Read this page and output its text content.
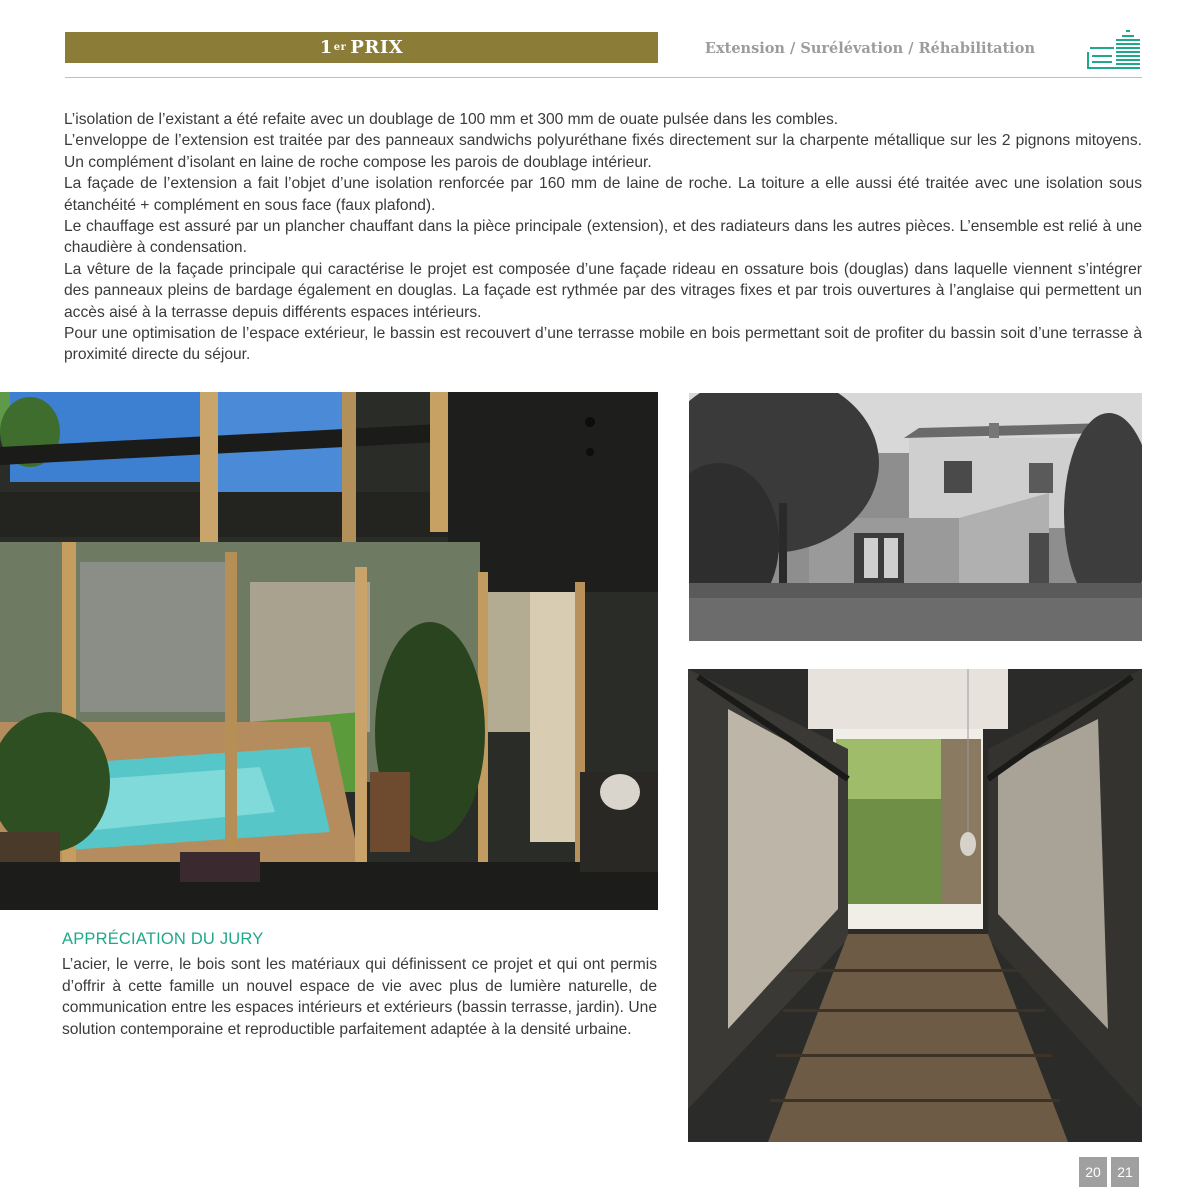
1 er PRIX	Extension / Surélévation / Réhabilitation

L’isolation de l’existant a été refaite avec un doublage de 100 mm et 300 mm de ouate pulsée dans les combles.

L’enveloppe de l’extension est traitée par des panneaux sandwichs polyuréthane fixés directement sur la charpente métallique sur les 2 pignons mitoyens. Un complément d’isolant en laine de roche compose les parois de doublage intérieur.

La façade de l’extension a fait l’objet d’une isolation renforcée par 160 mm de laine de roche. La toiture a elle aussi été traitée avec une isolation sous étanchéité + complément en sous face (faux plafond).

Le chauffage est assuré par un plancher chauffant dans la pièce principale (extension), et des radiateurs dans les autres pièces. L’ensemble est relié à une chaudière à condensation.

La vêture de la façade principale qui caractérise le projet est composée d’une façade rideau en ossature bois (douglas) dans laquelle viennent s’intégrer des panneaux pleins de bardage également en douglas. La façade est rythmée par des vitrages fixes et par trois ouvertures à l’anglaise qui permettent un accès aisé à la terrasse depuis différents espaces intérieurs.

Pour une optimisation de l’espace extérieur, le bassin est recouvert d’une terrasse mobile en bois permettant soit de profiter du bassin soit d’une terrasse à proximité directe du séjour.

APPRÉCIATION DU JURY
L’acier, le verre, le bois sont les matériaux qui définissent ce projet et qui ont permis d’offrir à cette famille un nouvel espace de vie avec plus de lumière naturelle, de communication entre les espaces intérieurs et extérieurs (bassin terrasse, jardin). Une solution contemporaine et reproductible parfaitement adaptée à la densité urbaine.
20	21
